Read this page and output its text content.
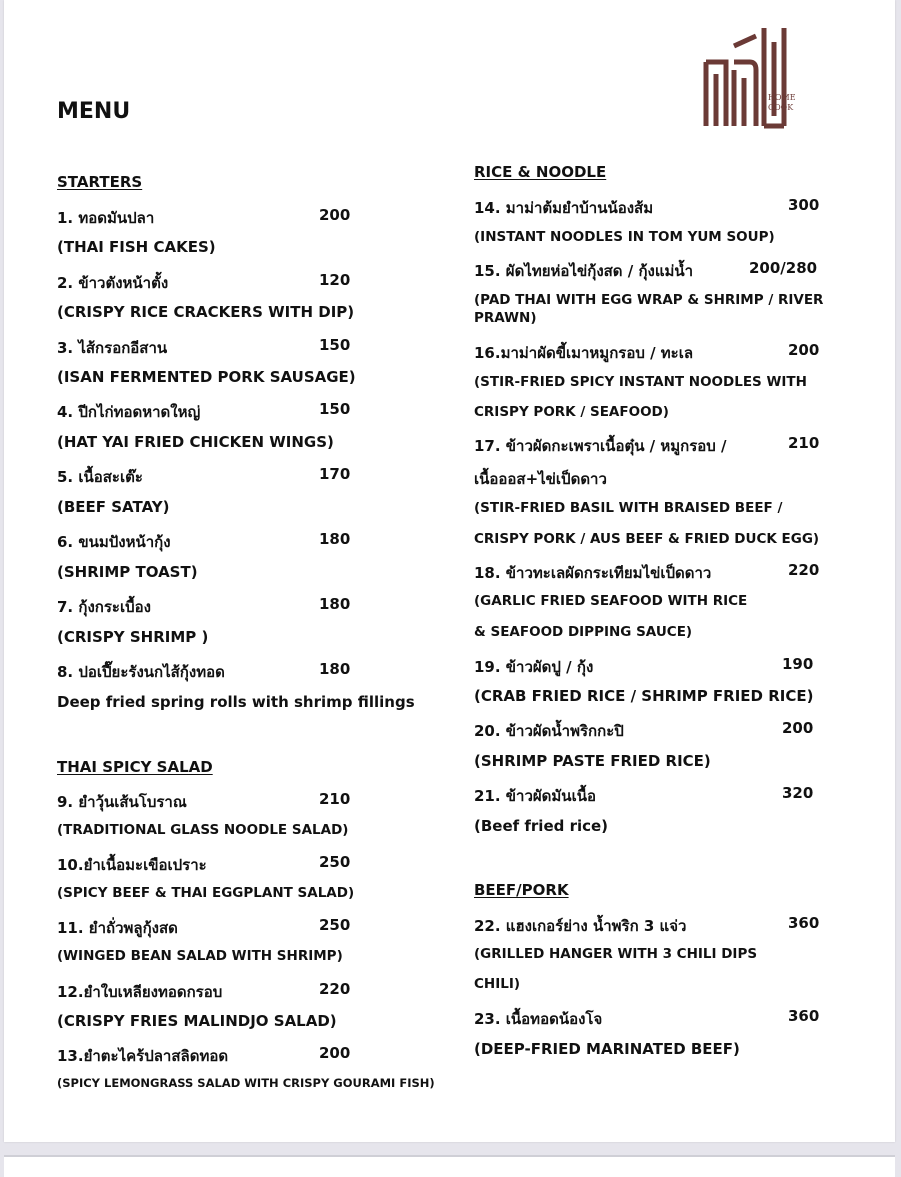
HOME
COOK
MENU
STARTERS
1. ทอดมันปลา	200
(THAI FISH CAKES)
2. ข้าวตังหน้าตั้ง	120
(CRISPY RICE CRACKERS WITH DIP)
3. ไส้กรอกอีสาน	150
(ISAN FERMENTED PORK SAUSAGE)
4. ปีกไก่ทอดหาดใหญ่	150
(HAT YAI FRIED CHICKEN WINGS)
5. เนื้อสะเต๊ะ	170
(BEEF SATAY)
6. ขนมปังหน้ากุ้ง	180
(SHRIMP TOAST)
7. กุ้งกระเบื้อง	180
(CRISPY SHRIMP )
8. ปอเปี๊ยะรังนกไส้กุ้งทอด	180
Deep fried spring rolls with shrimp fillings
THAI SPICY SALAD
9. ยำวุ้นเส้นโบราณ	210
(TRADITIONAL GLASS NOODLE SALAD)
10.ยำเนื้อมะเขือเปราะ	250
(SPICY BEEF & THAI EGGPLANT SALAD)
11. ยำถั่วพลูกุ้งสด	250
(WINGED BEAN SALAD WITH SHRIMP)
12.ยำใบเหลียงทอดกรอบ	220
(CRISPY FRIES MALINDJO SALAD)
13.ยำตะไคร้ปลาสลิดทอด	200
(SPICY LEMONGRASS SALAD WITH CRISPY GOURAMI FISH)
RICE & NOODLE
14. มาม่าต้มยำบ้านน้องส้ม	300
(INSTANT NOODLES IN TOM YUM SOUP)
15. ผัดไทยห่อไข่กุ้งสด / กุ้งแม่น้ำ	200/280
(PAD THAI WITH EGG WRAP & SHRIMP / RIVER
PRAWN)
16.มาม่าผัดขี้เมาหมูกรอบ / ทะเล	200
(STIR-FRIED SPICY INSTANT NOODLES WITH
CRISPY PORK / SEAFOOD)
17. ข้าวผัดกะเพราเนื้อตุ๋น / หมูกรอบ /	210
เนื้อออส+ไข่เป็ดดาว
(STIR-FRIED BASIL WITH BRAISED BEEF /
CRISPY PORK / AUS BEEF & FRIED DUCK EGG)
18. ข้าวทะเลผัดกระเทียมไข่เป็ดดาว	220
(GARLIC FRIED SEAFOOD WITH RICE
& SEAFOOD DIPPING SAUCE)
19. ข้าวผัดปู / กุ้ง	190
(CRAB FRIED RICE / SHRIMP FRIED RICE)
20. ข้าวผัดน้ำพริกกะปิ	200
(SHRIMP PASTE FRIED RICE)
21. ข้าวผัดมันเนื้อ	320
(Beef fried rice)
BEEF/PORK
22. แฮงเกอร์ย่าง น้ำพริก 3 แจ่ว	360
(GRILLED HANGER WITH 3 CHILI DIPS
CHILI)
23. เนื้อทอดน้องโจ	360
(DEEP-FRIED MARINATED BEEF)
